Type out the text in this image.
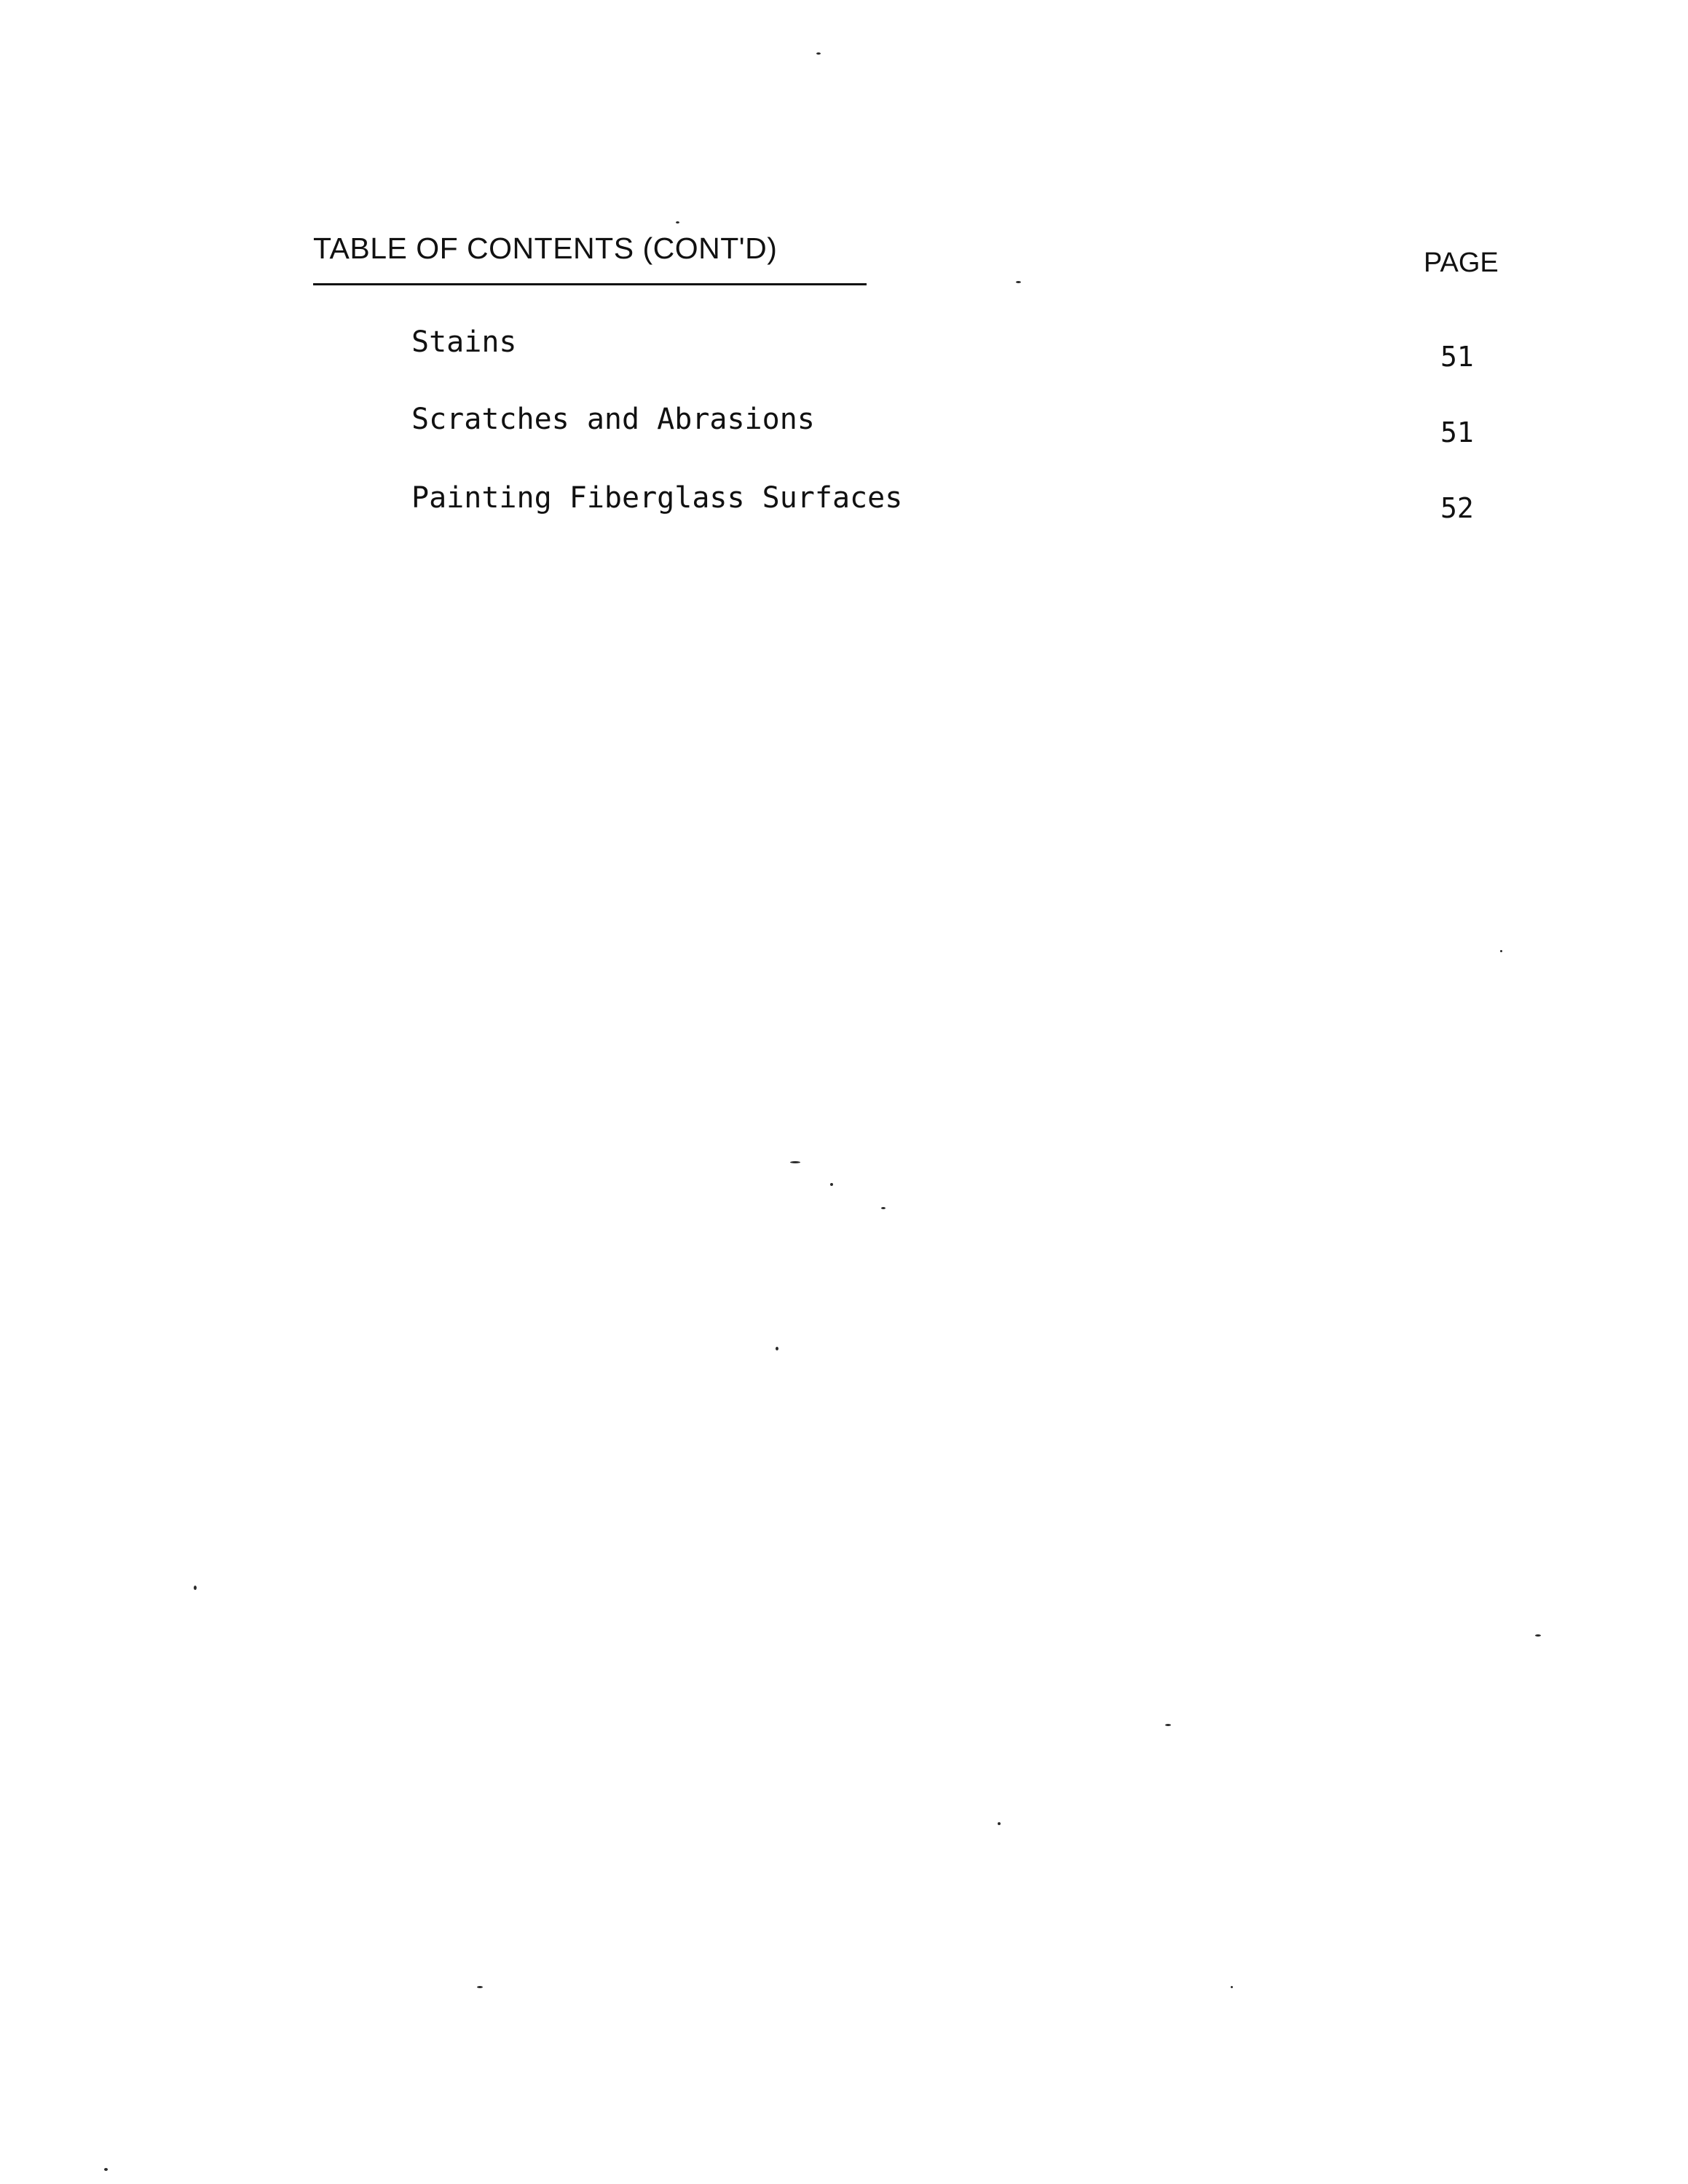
TABLE OF CONTENTS (CONT'D)	PAGE
Stains	51
Scratches and Abrasions	51
Painting Fiberglass Surfaces	52
